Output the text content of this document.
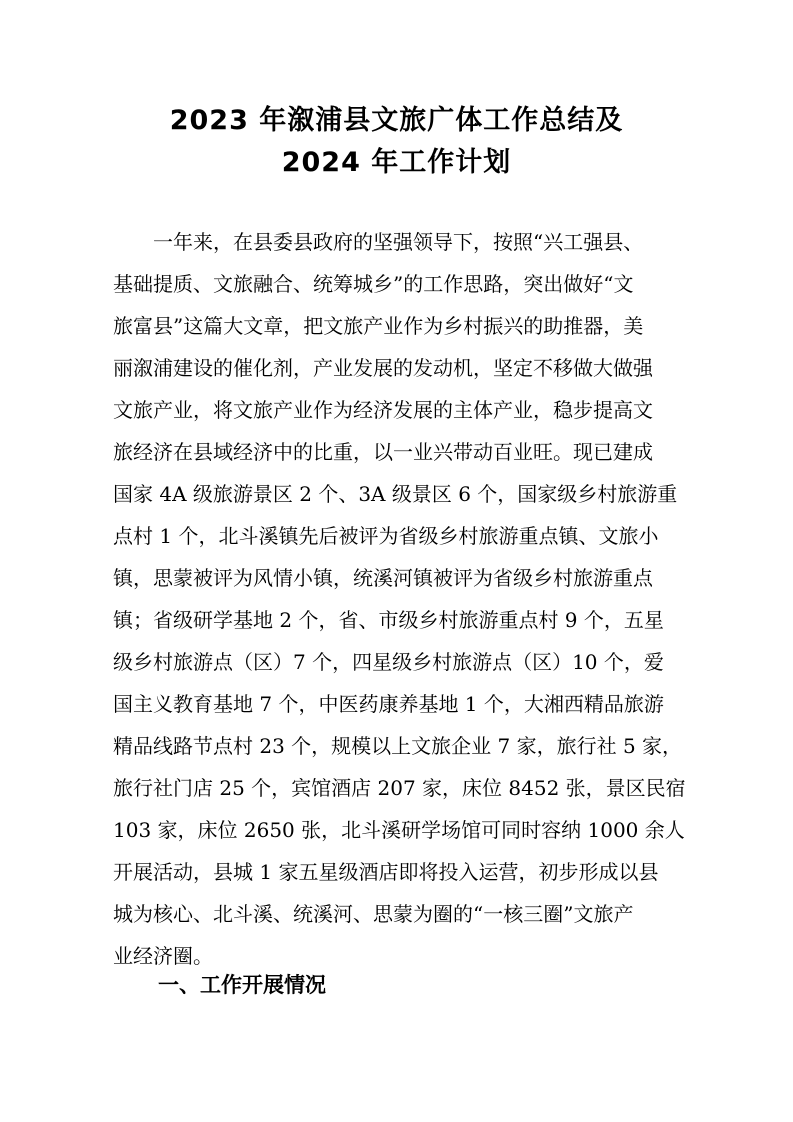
2023 年溆浦县文旅广体工作总结及
2024 年工作计划

　　一年来，在县委县政府的坚强领导下，按照“兴工强县、

基础提质、文旅融合、统筹城乡”的工作思路，突出做好“文

旅富县”这篇大文章，把文旅产业作为乡村振兴的助推器，美

丽溆浦建设的催化剂，产业发展的发动机，坚定不移做大做强

文旅产业，将文旅产业作为经济发展的主体产业，稳步提高文

旅经济在县域经济中的比重，以一业兴带动百业旺。现已建成

国家 4A 级旅游景区 2 个、3A 级景区 6 个，国家级乡村旅游重

点村 1 个，北斗溪镇先后被评为省级乡村旅游重点镇、文旅小

镇，思蒙被评为风情小镇，统溪河镇被评为省级乡村旅游重点

镇；省级研学基地 2 个，省、市级乡村旅游重点村 9 个，五星

级乡村旅游点（区）7 个，四星级乡村旅游点（区）10 个，爱

国主义教育基地 7 个，中医药康养基地 1 个，大湘西精品旅游

精品线路节点村 23 个，规模以上文旅企业 7 家，旅行社 5 家，

旅行社门店 25 个，宾馆酒店 207 家，床位 8452 张，景区民宿

103 家，床位 2650 张，北斗溪研学场馆可同时容纳 1000 余人

开展活动，县城 1 家五星级酒店即将投入运营，初步形成以县

城为核心、北斗溪、统溪河、思蒙为圈的“一核三圈”文旅产

业经济圈。

一、工作开展情况
